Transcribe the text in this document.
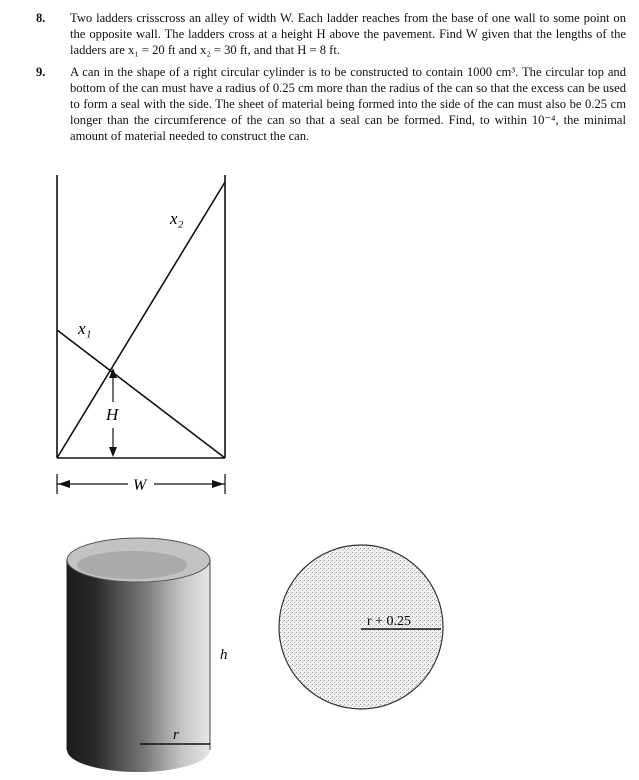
8. Two ladders crisscross an alley of width W. Each ladder reaches from the base of one wall to some point on the opposite wall. The ladders cross at a height H above the pavement. Find W given that the lengths of the ladders are x₁ = 20 ft and x₂ = 30 ft, and that H = 8 ft.
9. A can in the shape of a right circular cylinder is to be constructed to contain 1000 cm³. The circular top and bottom of the can must have a radius of 0.25 cm more than the radius of the can so that the excess can be used to form a seal with the side. The sheet of material being formed into the side of the can must also be 0.25 cm longer than the circumference of the can so that a seal can be formed. Find, to within 10⁻⁴, the minimal amount of material needed to construct the can.
x₂
x₁
H
W
r
h
r + 0.25
